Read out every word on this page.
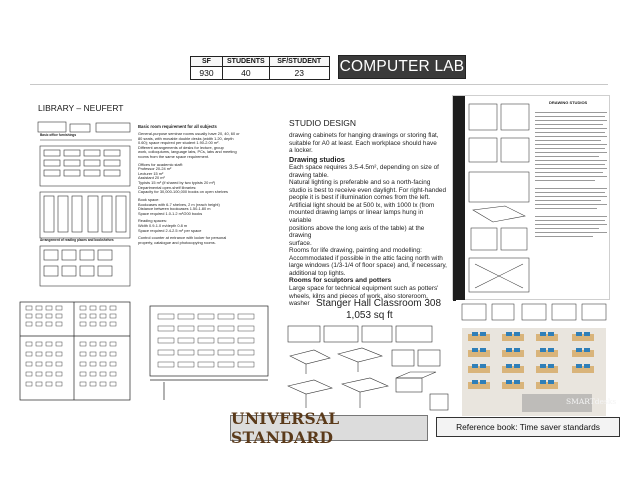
SF	STUDENTS	SF/STUDENT
930	40	23 COMPUTER LAB
LIBRARY – NEUFERT
Basic office furnishings
Arrangement of reading places and bookshelves
Basic room requirement for all subjects
General-purpose seminar rooms usually have 20, 40, 60 or
80 seats, with movable double desks (width 1.20, depth
0.60); space required per student 1.90-2.00 m².
Different arrangements of desks for lecture, group
work, colloquiums, language labs, PCs, labs and meeting
rooms from the same space requirement.
Offices for academic staff:
Professor 20-24 m²
Lecturer 15 m²
Assistant 20 m²
Typists 15 m² (if shared by two typists 20 m²)
Departmental open-shelf libraries:
Capacity for 30,000-100,000 books on open shelves
Book space:
Bookcases with 6-7 shelves, 2 m (reach height)
Distance between bookcases 1.50-1.80 m
Space required 1.0-1.2 m²/200 books
Reading spaces:
Width 0.9-1.0 m/depth 0.8 m
Space required 2.4-2.5 m² per space
Control counter at entrance with locker for personal
property, catalogue and photocopying rooms.
STUDIO DESIGN
drawing cabinets for hanging drawings or storing flat,
suitable for A0 at least. Each workplace should have
a locker.
Drawing studios
Each space requires 3.5-4.5m², depending on size of
drawing table.
Natural lighting is preferable and so a north-facing
studio is best to receive even daylight. For right-handed
people it is best if illumination comes from the left.
Artificial light should be at 500 lx, with 1000 lx (from
mounted drawing lamps or linear lamps hung in variable
positions above the long axis of the table) at the drawing
surface.
Rooms for life drawing, painting and modelling:
Accommodated if possible in the attic facing north with
large windows (1/3-1/4 of floor space) and, if necessary,
additional top lights.
Rooms for sculptors and potters
Large space for technical equipment such as potters'
wheels, kilns and pieces of work, also storeroom, washer
DRAWING STUDIOS
Stanger Hall Classroom 308
1,053 sq ft
SMARTdesks
UNIVERSAL STANDARD
Reference book: Time saver standards
